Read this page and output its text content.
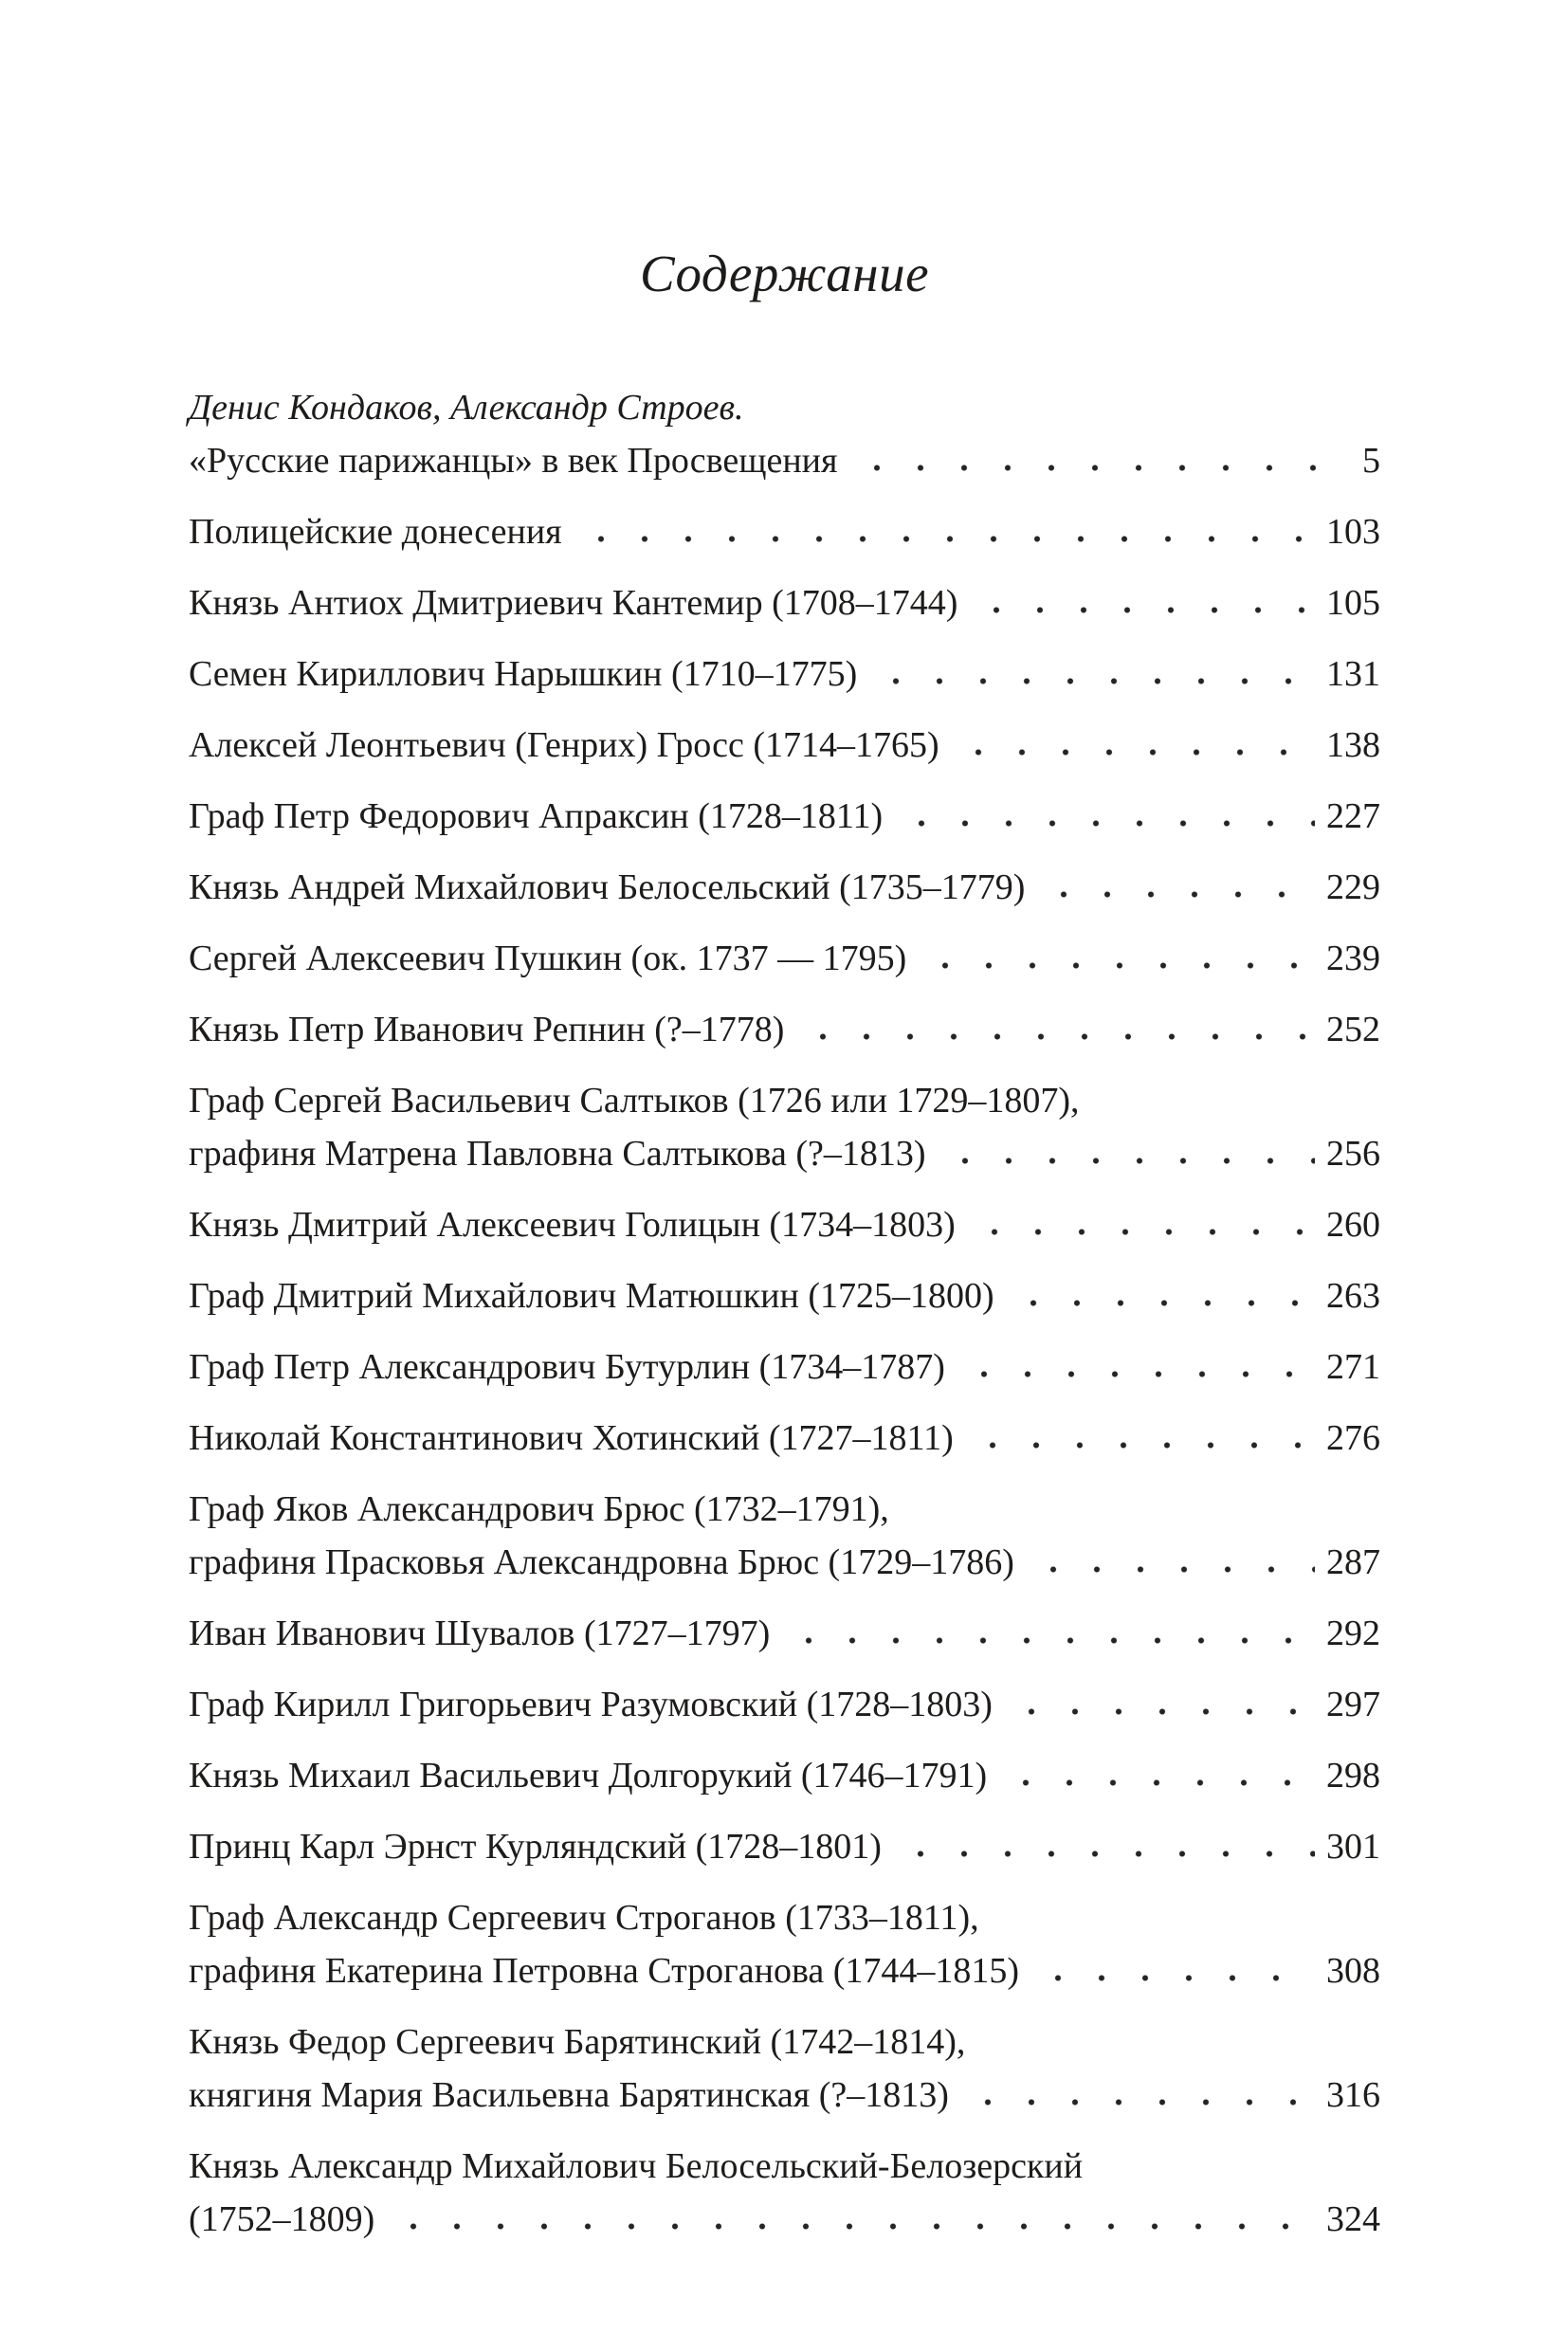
Содержание
Денис Кондаков, Александр Строев.
«Русские парижанцы» в век Просвещения	5
Полицейские донесения	103
Князь Антиох Дмитриевич Кантемир (1708–1744)	105
Семен Кириллович Нарышкин (1710–1775)	131
Алексей Леонтьевич (Генрих) Гросс (1714–1765)	138
Граф Петр Федорович Апраксин (1728–1811)	227
Князь Андрей Михайлович Белосельский (1735–1779)	229
Сергей Алексеевич Пушкин (ок. 1737 — 1795)	239
Князь Петр Иванович Репнин (?–1778)	252
Граф Сергей Васильевич Салтыков (1726 или 1729–1807),
графиня Матрена Павловна Салтыкова (?–1813)	256
Князь Дмитрий Алексеевич Голицын (1734–1803)	260
Граф Дмитрий Михайлович Матюшкин (1725–1800)	263
Граф Петр Александрович Бутурлин (1734–1787)	271
Николай Константинович Хотинский (1727–1811)	276
Граф Яков Александрович Брюс (1732–1791),
графиня Прасковья Александровна Брюс (1729–1786)	287
Иван Иванович Шувалов (1727–1797)	292
Граф Кирилл Григорьевич Разумовский (1728–1803)	297
Князь Михаил Васильевич Долгорукий (1746–1791)	298
Принц Карл Эрнст Курляндский (1728–1801)	301
Граф Александр Сергеевич Строганов (1733–1811),
графиня Екатерина Петровна Строганова (1744–1815)	308
Князь Федор Сергеевич Барятинский (1742–1814),
княгиня Мария Васильевна Барятинская (?–1813)	316
Князь Александр Михайлович Белосельский-Белозерский
(1752–1809)	324
